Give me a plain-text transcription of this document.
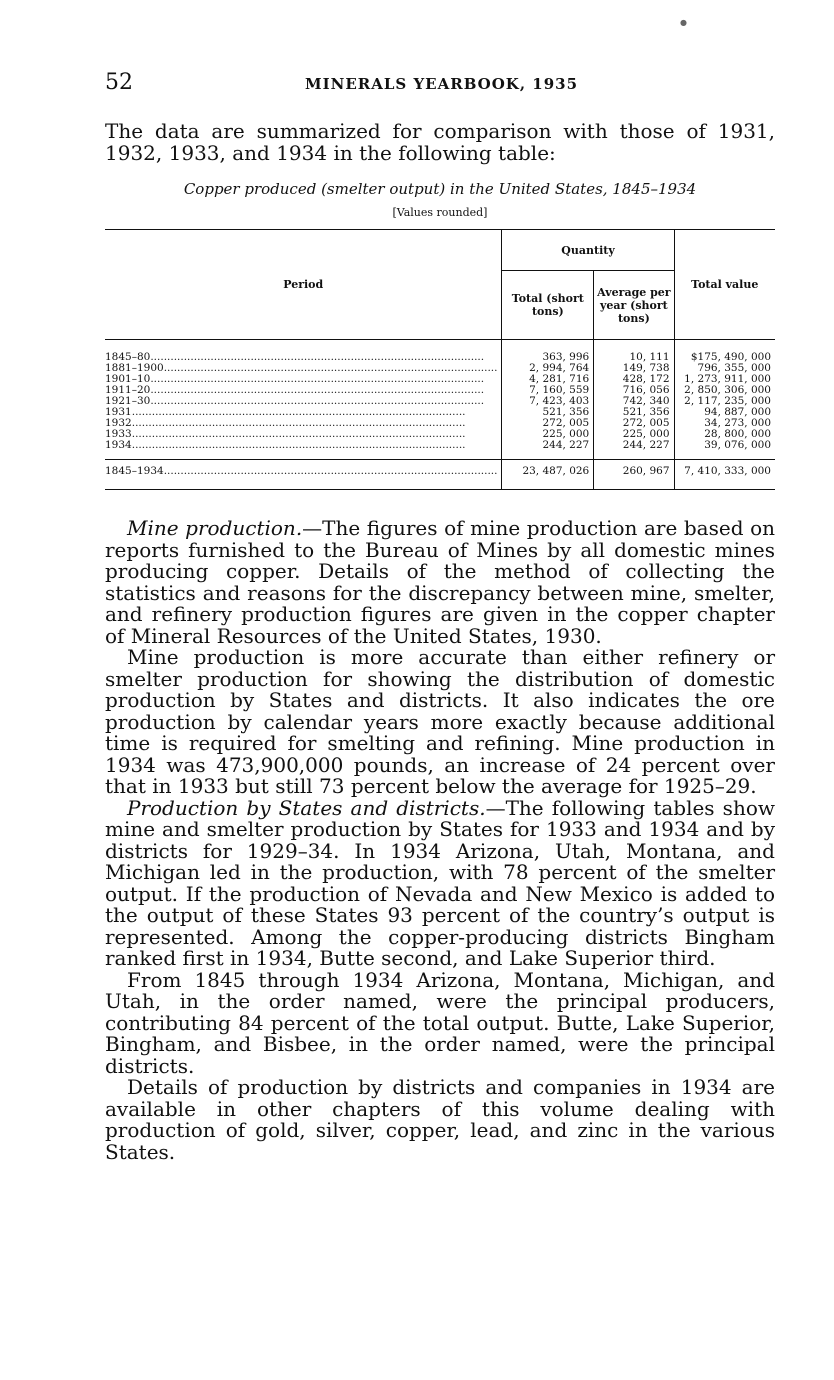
52	MINERALS YEARBOOK, 1935

The data are summarized for comparison with those of 1931, 1932, 1933, and 1934 in the following table:

Copper produced (smelter output) in the United States, 1845–1934
[Values rounded]
Period	Quantity		Total value
	Total (short tons)	Average per year (short tons)	
1845–80....................................................................................................	363, 996	10, 111	$175, 490, 000
1881–1900....................................................................................................	2, 994, 764	149, 738	796, 355, 000
1901–10....................................................................................................	4, 281, 716	428, 172	1, 273, 911, 000
1911–20....................................................................................................	7, 160, 559	716, 056	2, 850, 306, 000
1921–30....................................................................................................	7, 423, 403	742, 340	2, 117, 235, 000
1931....................................................................................................	521, 356	521, 356	94, 887, 000
1932....................................................................................................	272, 005	272, 005	34, 273, 000
1933....................................................................................................	225, 000	225, 000	28, 800, 000
1934....................................................................................................	244, 227	244, 227	39, 076, 000
1845–1934....................................................................................................	23, 487, 026	260, 967	7, 410, 333, 000

Mine production.—The figures of mine production are based on reports furnished to the Bureau of Mines by all domestic mines producing copper. Details of the method of collecting the statistics and reasons for the discrepancy between mine, smelter, and refinery production figures are given in the copper chapter of Mineral Resources of the United States, 1930.

Mine production is more accurate than either refinery or smelter production for showing the distribution of domestic production by States and districts. It also indicates the ore production by calendar years more exactly because additional time is required for smelting and refining. Mine production in 1934 was 473,900,000 pounds, an increase of 24 percent over that in 1933 but still 73 percent below the average for 1925–29.

Production by States and districts.—The following tables show mine and smelter production by States for 1933 and 1934 and by districts for 1929–34. In 1934 Arizona, Utah, Montana, and Michigan led in the production, with 78 percent of the smelter output. If the production of Nevada and New Mexico is added to the output of these States 93 percent of the country’s output is represented. Among the copper-producing districts Bingham ranked first in 1934, Butte second, and Lake Superior third.

From 1845 through 1934 Arizona, Montana, Michigan, and Utah, in the order named, were the principal producers, contributing 84 percent of the total output. Butte, Lake Superior, Bingham, and Bisbee, in the order named, were the principal districts.

Details of production by districts and companies in 1934 are available in other chapters of this volume dealing with production of gold, silver, copper, lead, and zinc in the various States.

●
